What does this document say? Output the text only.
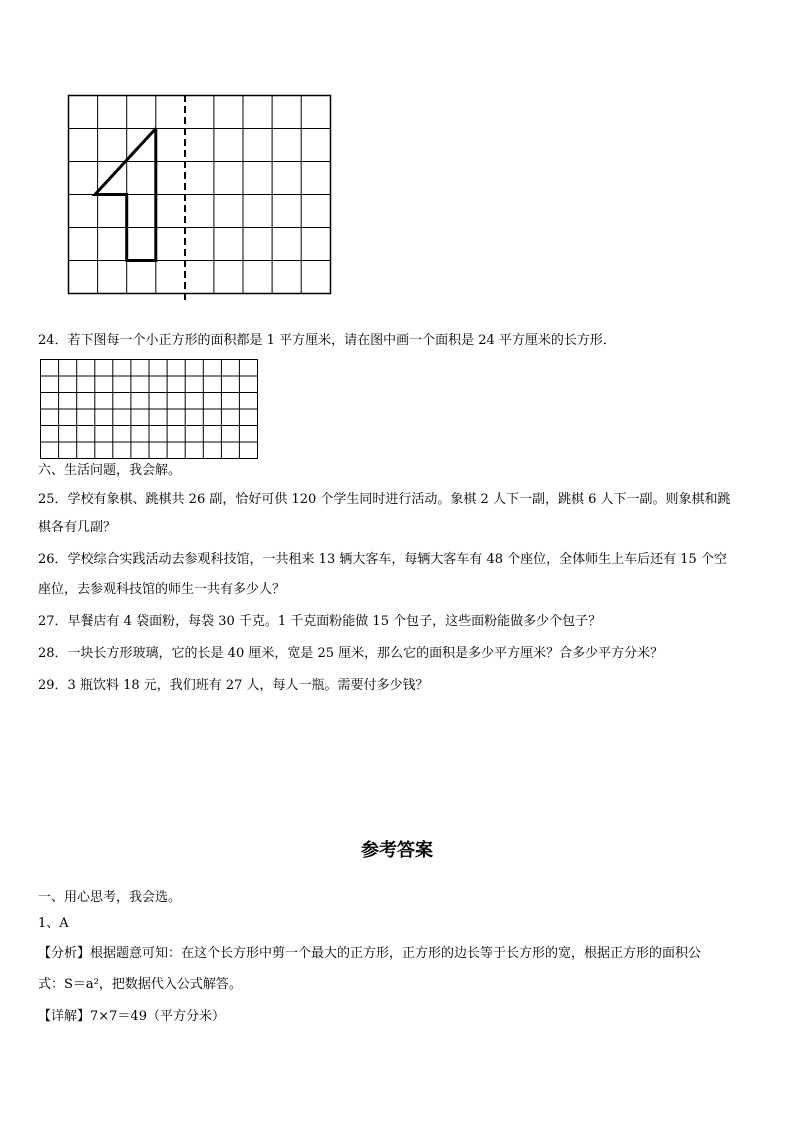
24．若下图每一个小正方形的面积都是 1 平方厘米，请在图中画一个面积是 24 平方厘米的长方形．
六、生活问题，我会解。
25．学校有象棋、跳棋共 26 副，恰好可供 120 个学生同时进行活动。象棋 2 人下一副，跳棋 6 人下一副。则象棋和跳
棋各有几副？
26．学校综合实践活动去参观科技馆，一共租来 13 辆大客车，每辆大客车有 48 个座位，全体师生上车后还有 15 个空
座位，去参观科技馆的师生一共有多少人？
27．早餐店有 4 袋面粉，每袋 30 千克。1 千克面粉能做 15 个包子，这些面粉能做多少个包子？
28．一块长方形玻璃，它的长是 40 厘米，宽是 25 厘米，那么它的面积是多少平方厘米？合多少平方分米？
29．3 瓶饮料 18 元，我们班有 27 人，每人一瓶。需要付多少钱？
参考答案
一、用心思考，我会选。
1、A
【分析】根据题意可知：在这个长方形中剪一个最大的正方形，正方形的边长等于长方形的宽，根据正方形的面积公
式：S＝a²，把数据代入公式解答。
【详解】7×7＝49（平方分米）
